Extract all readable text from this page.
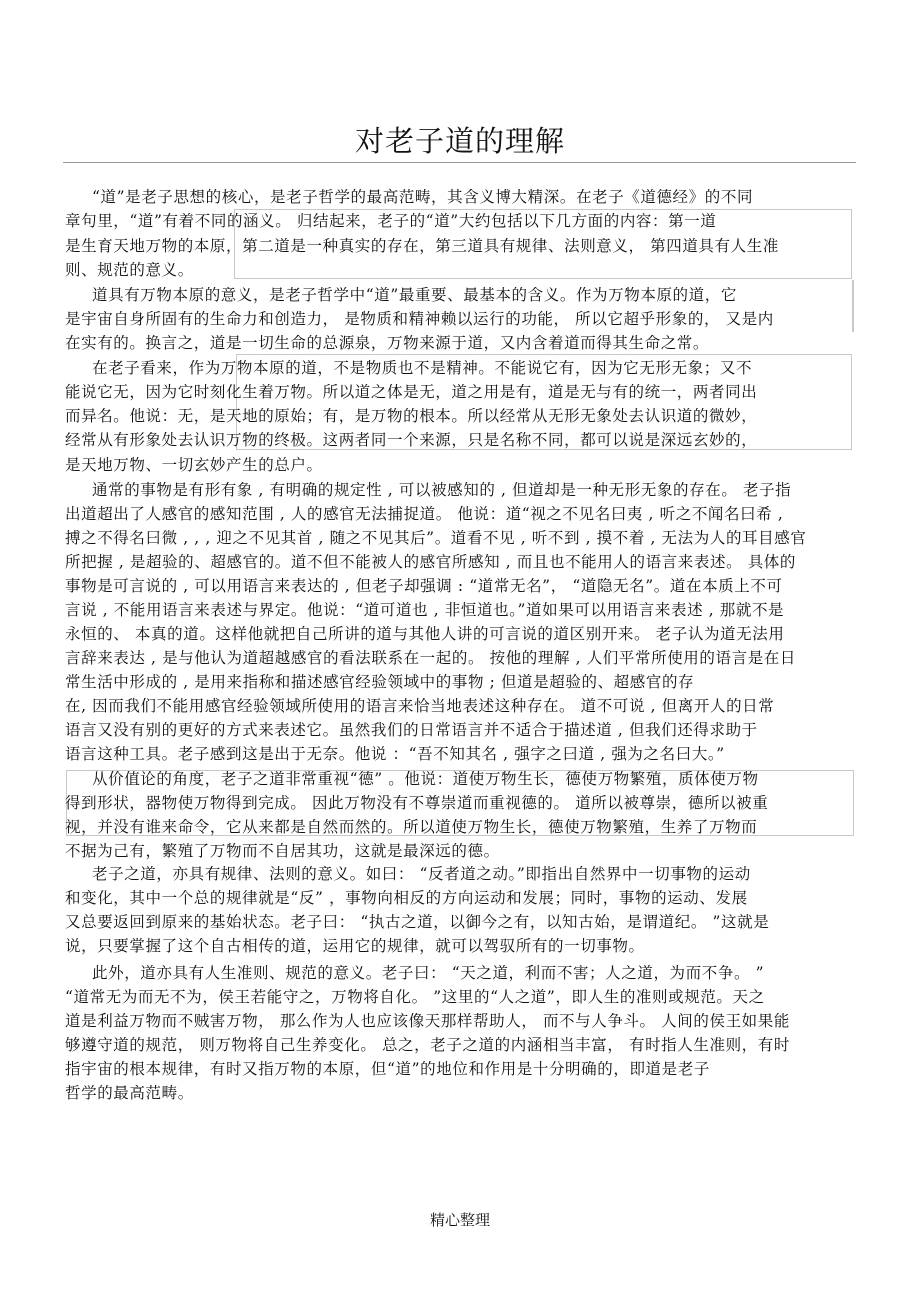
对老子道的理解
“道”是老子思想的核心，是老子哲学的最高范畴，其含义博大精深。在老子《道德经》的不同
章句里，“道”有着不同的涵义。 归结起来，老子的“道”大约包括以下几方面的内容：第一道
是生育天地万物的本原，第二道是一种真实的存在，第三道具有规律、法则意义， 第四道具有人生准
则、规范的意义。
道具有万物本原的意义，是老子哲学中“道”最重要、最基本的含义。作为万物本原的道，它
是宇宙自身所固有的生命力和创造力， 是物质和精神赖以运行的功能， 所以它超乎形象的， 又是内
在实有的。换言之，道是一切生命的总源泉，万物来源于道，又内含着道而得其生命之常。
在老子看来，作为万物本原的道，不是物质也不是精神。不能说它有，因为它无形无象；又不
能说它无，因为它时刻化生着万物。所以道之体是无，道之用是有，道是无与有的统一，两者同出
而异名。他说：无，是天地的原始；有，是万物的根本。所以经常从无形无象处去认识道的微妙，
经常从有形象处去认识万物的终极。这两者同一个来源，只是名称不同，都可以说是深远玄妙的，
是天地万物、一切玄妙产生的总户。
通常的事物是有形有象 , 有明确的规定性 , 可以被感知的 , 但道却是一种无形无象的存在。 老子指
出道超出了人感官的感知范围 , 人的感官无法捕捉道。 他说：道“视之不见名曰夷 , 听之不闻名曰希 ,
搏之不得名曰微 , , , 迎之不见其首 , 随之不见其后”。道看不见 , 听不到 , 摸不着 , 无法为人的耳目感官
所把握 , 是超验的、超感官的。道不但不能被人的感官所感知 , 而且也不能用人的语言来表述。 具体的
事物是可言说的 , 可以用语言来表达的 , 但老子却强调 : “道常无名”， “道隐无名”。道在本质上不可
言说 , 不能用语言来表述与界定。他说：“道可道也 , 非恒道也。”道如果可以用语言来表述 , 那就不是
永恒的、 本真的道。这样他就把自己所讲的道与其他人讲的可言说的道区别开来。 老子认为道无法用
言辞来表达 , 是与他认为道超越感官的看法联系在一起的。 按他的理解 , 人们平常所使用的语言是在日
常生活中形成的 , 是用来指称和描述感官经验领域中的事物 ; 但道是超验的、超感官的存
在, 因而我们不能用感官经验领域所使用的语言来恰当地表述这种存在。 道不可说 , 但离开人的日常
语言又没有别的更好的方式来表述它。虽然我们的日常语言并不适合于描述道 , 但我们还得求助于
语言这种工具。老子感到这是出于无奈。他说 ：“吾不知其名 , 强字之曰道 , 强为之名曰大。”
从价值论的角度，老子之道非常重视“德” 。他说：道使万物生长，德使万物繁殖，质体使万物
得到形状，器物使万物得到完成。 因此万物没有不尊崇道而重视德的。 道所以被尊崇，德所以被重
视，并没有谁来命令，它从来都是自然而然的。所以道使万物生长，德使万物繁殖，生养了万物而
不据为己有，繁殖了万物而不自居其功，这就是最深远的德。
老子之道，亦具有规律、法则的意义。如曰： “反者道之动。”即指出自然界中一切事物的运动
和变化，其中一个总的规律就是“反” ，事物向相反的方向运动和发展；同时，事物的运动、发展
又总要返回到原来的基始状态。老子曰： “执古之道，以御今之有，以知古始，是谓道纪。 ”这就是
说，只要掌握了这个自古相传的道，运用它的规律，就可以驾驭所有的一切事物。
此外，道亦具有人生准则、规范的意义。老子曰： “天之道，利而不害；人之道，为而不争。 ”
“道常无为而无不为，侯王若能守之，万物将自化。 ”这里的“人之道”，即人生的准则或规范。天之
道是利益万物而不贼害万物， 那么作为人也应该像天那样帮助人， 而不与人争斗。 人间的侯王如果能
够遵守道的规范， 则万物将自己生养变化。 总之，老子之道的内涵相当丰富， 有时指人生准则，有时
指宇宙的根本规律，有时又指万物的本原，但“道”的地位和作用是十分明确的，即道是老子
哲学的最高范畴。
精心整理
